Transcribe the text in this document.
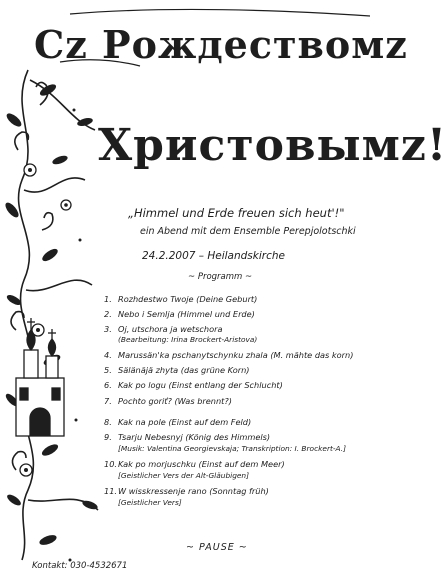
Сz Рождествомz
Христовымz!
„Himmel und Erde freuen sich heut'!"
ein Abend mit dem Ensemble Perepjolotschki
24.2.2007 – Heilandskirche
~ Programm ~
1. Rozhdestwo Twoje (Deine Geburt)
2. Nebo i Semlja (Himmel und Erde)
3. Oj, utschora ja wetschora
(Bearbeitung: Irina Brockert-Aristova)
4. Marussän'ka pschanytschynku zhala (M. mähte das korn)
5. Sälänäjä zhyta (das grüne Korn)
6. Kak po logu (Einst entlang der Schlucht)
7. Pochto goriť? (Was brennt?)
8. Kak na pole (Einst auf dem Feld)
9. Tsarju Nebesnyj (König des Himmels)
[Musik: Valentina Georgievskaja; Transkription: I. Brockert-A.]
10.Kak po morjuschku (Einst auf dem Meer)
[Geistlicher Vers der Alt-Gläubigen]
11.W wisskressenje rano (Sonntag früh)
[Geistlicher Vers]
~ PAUSE ~
Kontakt: 030-4532671
